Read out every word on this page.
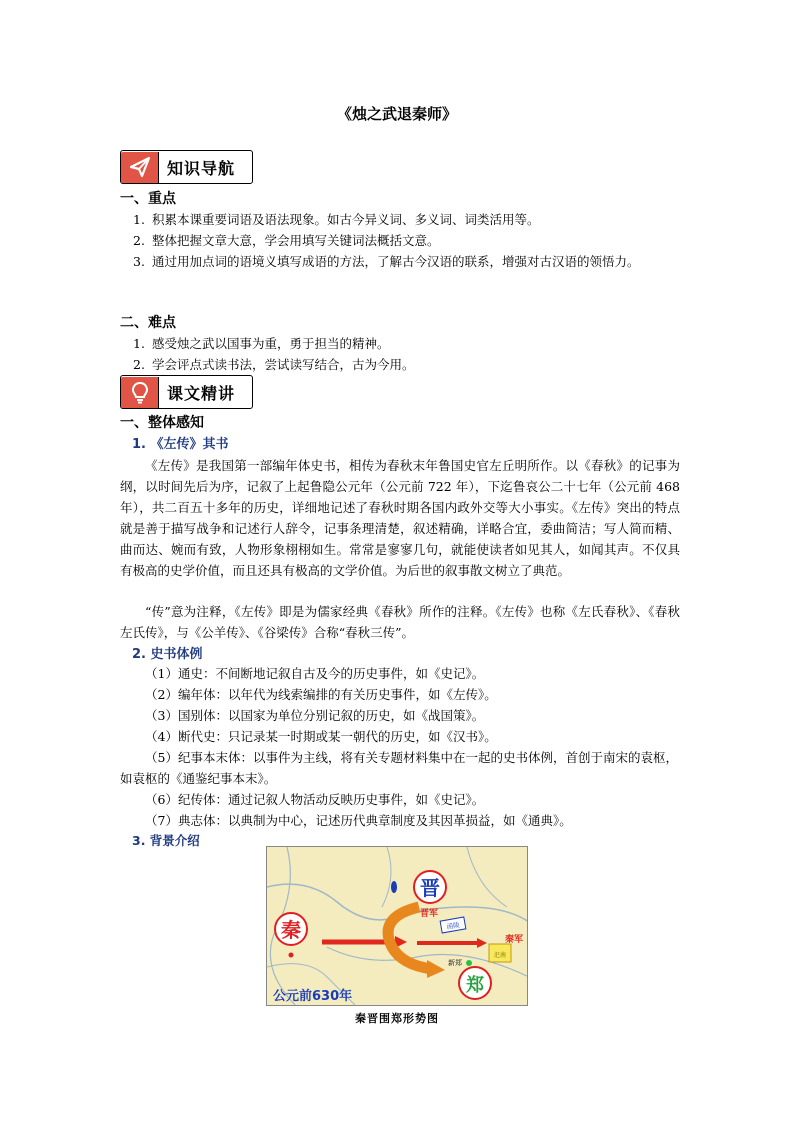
《烛之武退秦师》
知识导航
一、重点
1. 积累本课重要词语及语法现象。如古今异义词、多义词、词类活用等。
2. 整体把握文章大意，学会用填写关键词法概括文意。
3. 通过用加点词的语境义填写成语的方法，了解古今汉语的联系，增强对古汉语的领悟力。
二、难点
1. 感受烛之武以国事为重，勇于担当的精神。
2. 学会评点式读书法，尝试读写结合，古为今用。
课文精讲
一、整体感知
1. 《左传》其书
《左传》是我国第一部编年体史书，相传为春秋末年鲁国史官左丘明所作。以《春秋》的记事为纲，以时间先后为序，记叙了上起鲁隐公元年（公元前 722 年），下迄鲁哀公二十七年（公元前 468 年），共二百五十多年的历史，详细地记述了春秋时期各国内政外交等大小事实。《左传》突出的特点就是善于描写战争和记述行人辞令，记事条理清楚，叙述精确，详略合宜，委曲简洁；写人简而精、曲而达、婉而有致，人物形象栩栩如生。常常是寥寥几句，就能使读者如见其人，如闻其声。不仅具有极高的史学价值，而且还具有极高的文学价值。为后世的叙事散文树立了典范。
“传”意为注释，《左传》即是为儒家经典《春秋》所作的注释。《左传》也称《左氏春秋》、《春秋左氏传》，与《公羊传》、《谷梁传》合称“春秋三传”。
2. 史书体例
（1）通史：不间断地记叙自古及今的历史事件，如《史记》。
（2）编年体：以年代为线索编排的有关历史事件，如《左传》。
（3）国别体：以国家为单位分别记叙的历史，如《战国策》。
（4）断代史：只记录某一时期或某一朝代的历史，如《汉书》。
（5）纪事本末体：以事件为主线，将有关专题材料集中在一起的史书体例，首创于南宋的袁枢，如袁枢的《通鉴纪事本末》。
（6）纪传体：通过记叙人物活动反映历史事件，如《史记》。
（7）典志体：以典制为中心，记述历代典章制度及其因革损益，如《通典》。
3. 背景介绍
秦
晋
郑
函陵
氾南
新郑
晋军
秦军
公元前630年
秦晋围郑形势图
